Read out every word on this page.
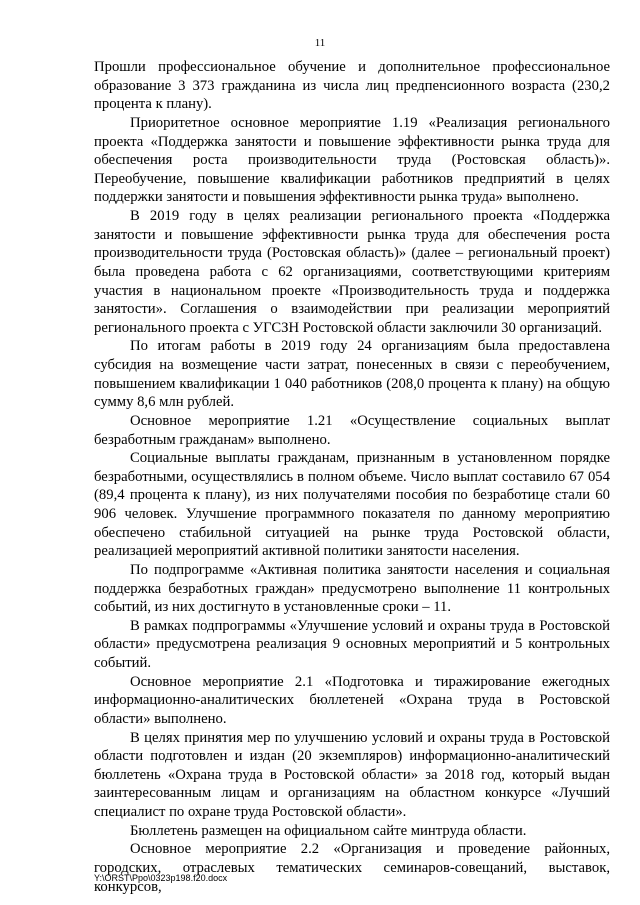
11

Прошли профессиональное обучение и дополнительное профессиональное образование 3 373 гражданина из числа лиц предпенсионного возраста (230,2 процента к плану).

Приоритетное основное мероприятие 1.19 «Реализация регионального проекта «Поддержка занятости и повышение эффективности рынка труда для обеспечения роста производительности труда (Ростовская область)». Переобучение, повышение квалификации работников предприятий в целях поддержки занятости и повышения эффективности рынка труда» выполнено.

В 2019 году в целях реализации регионального проекта «Поддержка занятости и повышение эффективности рынка труда для обеспечения роста производительности труда (Ростовская область)» (далее – региональный проект) была проведена работа с 62 организациями, соответствующими критериям участия в национальном проекте «Производительность труда и поддержка занятости». Соглашения о взаимодействии при реализации мероприятий регионального проекта с УГСЗН Ростовской области заключили 30 организаций.

По итогам работы в 2019 году 24 организациям была предоставлена субсидия на возмещение части затрат, понесенных в связи с переобучением, повышением квалификации 1 040 работников (208,0 процента к плану) на общую сумму 8,6 млн рублей.

Основное мероприятие 1.21 «Осуществление социальных выплат безработным гражданам» выполнено.

Социальные выплаты гражданам, признанным в установленном порядке безработными, осуществлялись в полном объеме. Число выплат составило 67 054 (89,4 процента к плану), из них получателями пособия по безработице стали 60 906 человек. Улучшение программного показателя по данному мероприятию обеспечено стабильной ситуацией на рынке труда Ростовской области, реализацией мероприятий активной политики занятости населения.

По подпрограмме «Активная политика занятости населения и социальная поддержка безработных граждан» предусмотрено выполнение 11 контрольных событий, из них достигнуто в установленные сроки – 11.

В рамках подпрограммы «Улучшение условий и охраны труда в Ростовской области» предусмотрена реализация 9 основных мероприятий и 5 контрольных событий.

Основное мероприятие 2.1 «Подготовка и тиражирование ежегодных информационно-аналитических бюллетеней «Охрана труда в Ростовской области» выполнено.

В целях принятия мер по улучшению условий и охраны труда в Ростовской области подготовлен и издан (20 экземпляров) информационно-аналитический бюллетень «Охрана труда в Ростовской области» за 2018 год, который выдан заинтересованным лицам и организациям на областном конкурсе «Лучший специалист по охране труда Ростовской области».

Бюллетень размещен на официальном сайте минтруда области.

Основное мероприятие 2.2 «Организация и проведение районных, городских, отраслевых тематических семинаров-совещаний, выставок, конкурсов,

Y:\ORST\Ppo\0323p198.f20.docx
